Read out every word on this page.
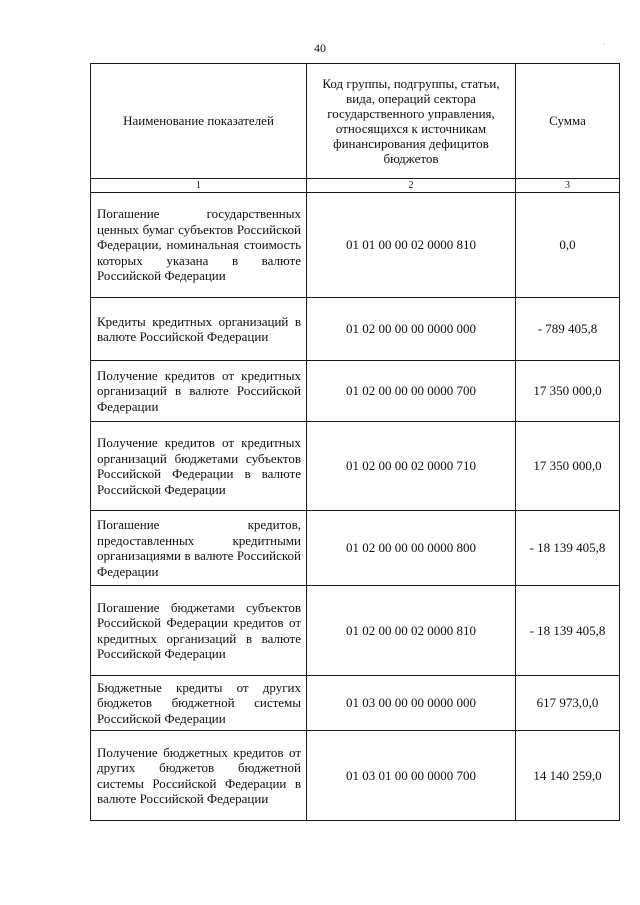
40	·
Наименование показателей	Код группы, подгруппы, статьи, вида, операций сектора государственного управления, относящихся к источникам финансирования дефицитов бюджетов	Сумма
1	2	3
Погашение государственных ценных бумаг субъектов Российской Федерации, номинальная стоимость которых указана в валюте Российской Федерации	01 01 00 00 02 0000 810	0,0
Кредиты кредитных организаций в валюте Российской Федерации	01 02 00 00 00 0000 000	- 789 405,8
Получение кредитов от кредитных организаций в валюте Российской Федерации	01 02 00 00 00 0000 700	17 350 000,0
Получение кредитов от кредитных организаций бюджетами субъектов Российской Федерации в валюте Российской Федерации	01 02 00 00 02 0000 710	17 350 000,0
Погашение кредитов, предоставленных кредитными организациями в валюте Российской Федерации	01 02 00 00 00 0000 800	- 18 139 405,8
Погашение бюджетами субъектов Российской Федерации кредитов от кредитных организаций в валюте Российской Федерации	01 02 00 00 02 0000 810	- 18 139 405,8
Бюджетные кредиты от других бюджетов бюджетной системы Российской Федерации	01 03 00 00 00 0000 000	617 973,0,0
Получение бюджетных кредитов от других бюджетов бюджетной системы Российской Федерации в валюте Российской Федерации	01 03 01 00 00 0000 700	14 140 259,0
